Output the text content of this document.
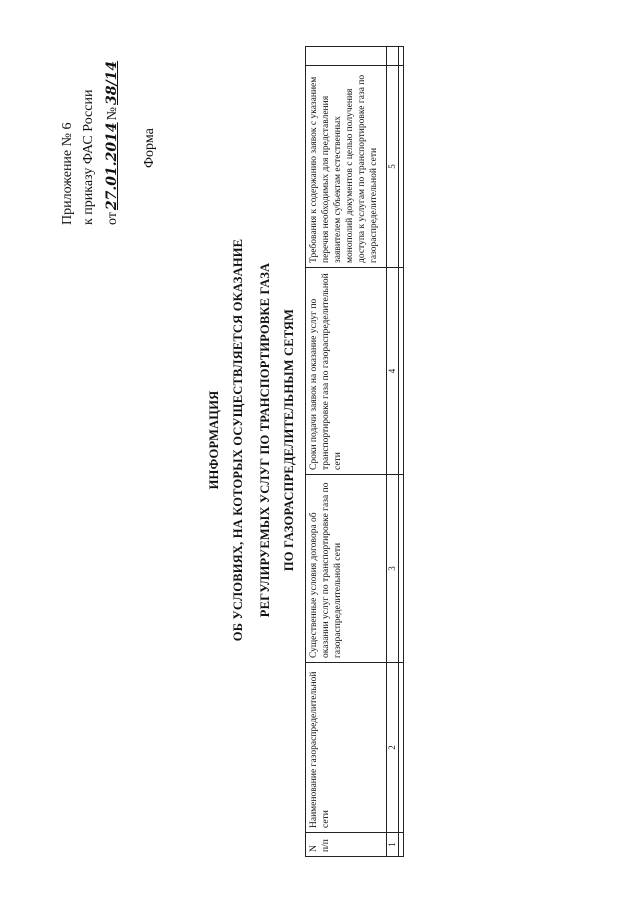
Приложение № 6 к приказу ФАС России от27.01.2014№38/14
Форма
ИНФОРМАЦИЯ ОБ УСЛОВИЯХ, НА КОТОРЫХ ОСУЩЕСТВЛЯЕТСЯ ОКАЗАНИЕ РЕГУЛИРУЕМЫХ УСЛУГ ПО ТРАНСПОРТИРОВКЕ ГАЗА ПО ГАЗОРАСПРЕДЕЛИТЕЛЬНЫМ СЕТЯМ
N п/п	Наименование газораспределительной сети	Существенные условия договора об оказании услуг по транспортировке газа по газораспределительной сети	Сроки подачи заявок на оказание услуг по транспортировке газа по газораспределительной сети	Требования к содержанию заявок с указанием перечня необходимых для представления заявителем субъектам естественных монополий документов с целью получения доступа к услугам по транспортировке газа по газораспределительной сети	
1	2	3	4	5	
